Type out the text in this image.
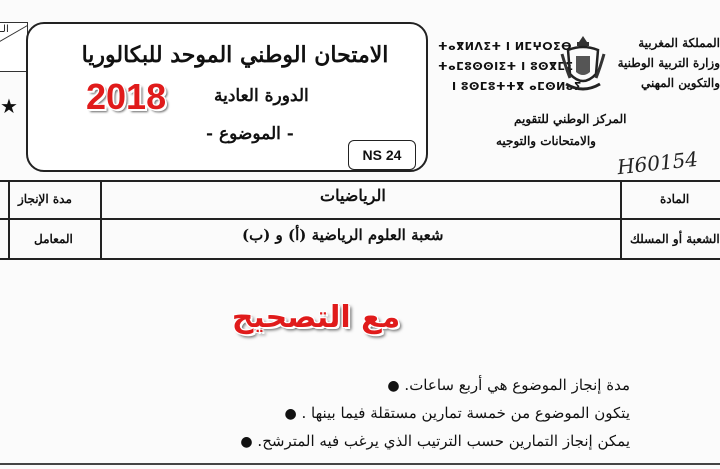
الـ
★
الامتحان الوطني الموحد للبكالوريا
2018	الدورة العادية
- الموضوع -
NS 24
ⵜⴰⴳⵍⴷⵉⵜ ⵏ ⵍⵎⵖⵔⵉⴱ
ⵜⴰⵎⵓⵙⵙⵏⵉⵜ ⵏ ⵓⵙⴳⵎⵉ
ⵏ ⵓⵙⵎⵓⵜⵜⴳ ⴰⵎⵙⵍⴰⵢ
المملكة المغربية
وزارة التربية الوطنية
والتكوين المهني
المركز الوطني للتقويم
والامتحانات والتوجيه
H60154
مدة الإنجاز	الرياضيات	المادة
المعامل	شعبة العلوم الرياضية (أ) و (ب)	الشعبة أو المسلك
مع التصحيح
مدة إنجاز الموضوع هي أربع ساعات. ●
يتكون الموضوع من خمسة تمارين مستقلة فيما بينها . ●
يمكن إنجاز التمارين حسب الترتيب الذي يرغب فيه المترشح. ●
